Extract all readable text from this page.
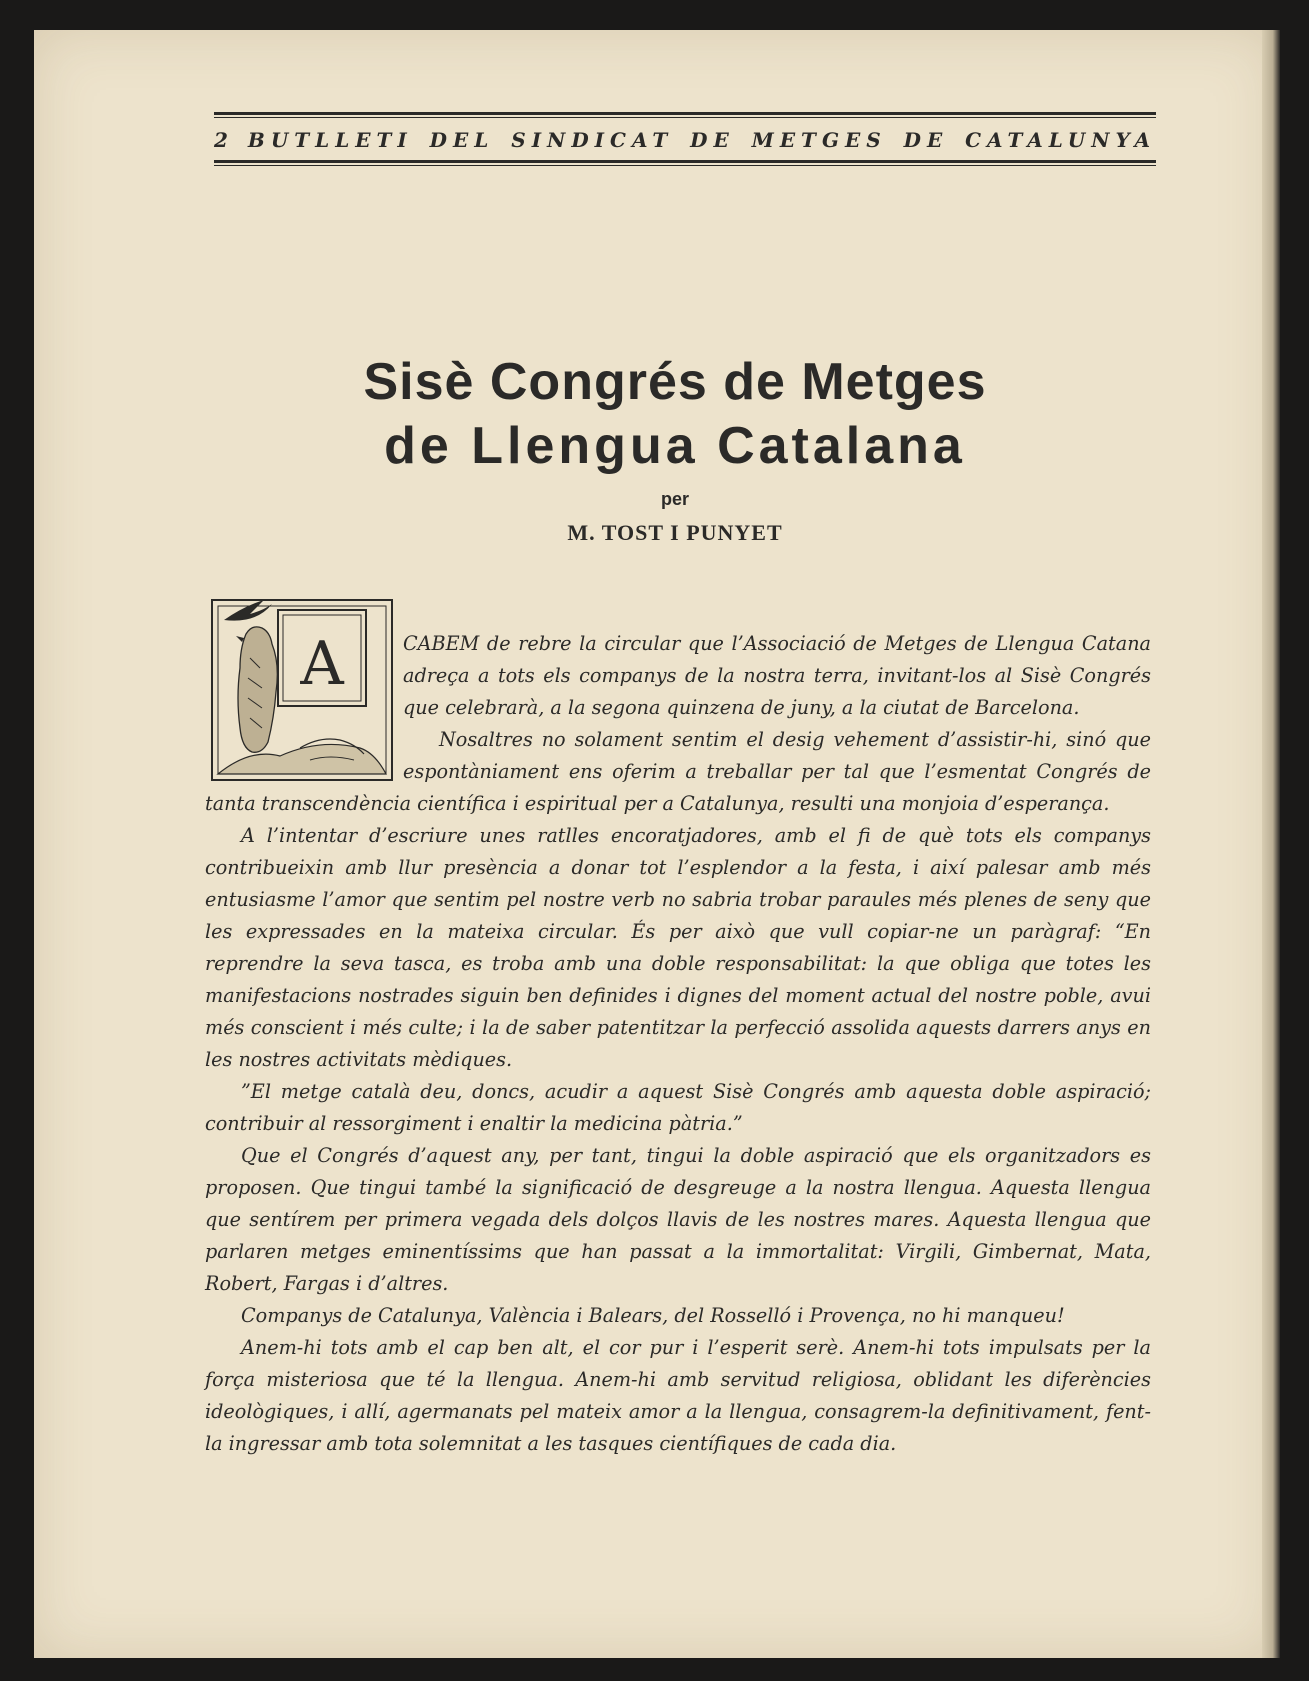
2 BUTLLETI DEL SINDICAT DE METGES DE CATALUNYA
Sisè Congrés de Metges
de Llengua Catalana
per
M. TOST I PUNYET
A	CABEM de rebre la circular que l’Associació de Metges de Llengua Catana adreça a tots els companys de la nostra terra, invitant-los al Sisè Congrés que celebrarà, a la segona quinzena de juny, a la ciutat de Barcelona.

Nosaltres no solament sentim el desig vehement d’assistir-hi, sinó que espontàniament ens oferim a treballar per tal que l’esmentat Congrés de tanta transcendència científica i espiritual per a Catalunya, resulti una monjoia d’esperança.

A l’intentar d’escriure unes ratlles encoratjadores, amb el fi de què tots els companys contribueixin amb llur presència a donar tot l’esplendor a la festa, i així palesar amb més entusiasme l’amor que sentim pel nostre verb no sabria trobar paraules més plenes de seny que les expressades en la mateixa circular. És per això que vull copiar-ne un paràgraf: “En reprendre la seva tasca, es troba amb una doble responsabilitat: la que obliga que totes les manifestacions nostrades siguin ben definides i dignes del moment actual del nostre poble, avui més conscient i més culte; i la de saber patentitzar la perfecció assolida aquests darrers anys en les nostres activitats mèdiques.

”El metge català deu, doncs, acudir a aquest Sisè Congrés amb aquesta doble aspiració; contribuir al ressorgiment i enaltir la medicina pàtria.”

Que el Congrés d’aquest any, per tant, tingui la doble aspiració que els organitzadors es proposen. Que tingui també la significació de desgreuge a la nostra llengua. Aquesta llengua que sentírem per primera vegada dels dolços llavis de les nostres mares. Aquesta llengua que parlaren metges eminentíssims que han passat a la immortalitat: Virgili, Gimbernat, Mata, Robert, Fargas i d’altres.

Companys de Catalunya, València i Balears, del Rosselló i Provença, no hi manqueu!

Anem-hi tots amb el cap ben alt, el cor pur i l’esperit serè. Anem-hi tots impulsats per la força misteriosa que té la llengua. Anem-hi amb servitud religiosa, oblidant les diferències ideològiques, i allí, agermanats pel mateix amor a la llengua, consagrem-la definitivament, fent-la ingressar amb tota solemnitat a les tasques científiques de cada dia.
